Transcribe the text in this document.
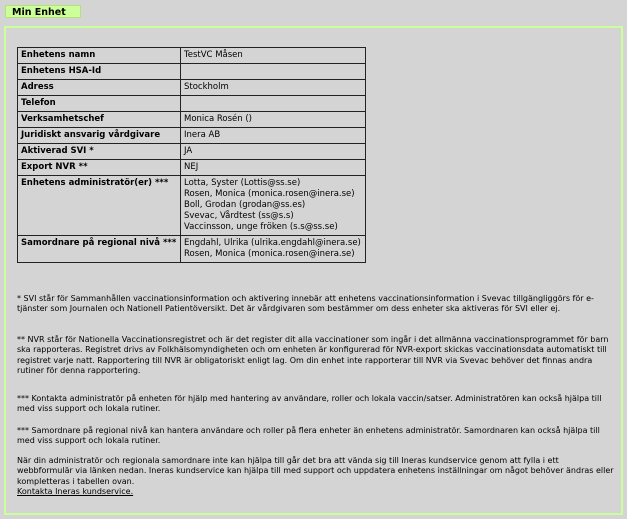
Min Enhet
Enhetens namn	TestVC Måsen
Enhetens HSA-Id	
Adress	Stockholm
Telefon	
Verksamhetschef	Monica Rosén ()
Juridiskt ansvarig vårdgivare	Inera AB
Aktiverad SVI *	JA
Export NVR **	NEJ
Enhetens administratör(er) ***	Lotta, Syster (Lottis@ss.se)
Rosen, Monica (monica.rosen@inera.se)
Boll, Grodan (grodan@ss.es)
Svevac, Vårdtest (ss@s.s)
Vaccinsson, unge fröken (s.s@ss.se)

Samordnare på regional nivå ***	Engdahl, Ulrika (ulrika.engdahl@inera.se)
Rosen, Monica (monica.rosen@inera.se)
* SVI står för Sammanhållen vaccinationsinformation och aktivering innebär att enhetens vaccinationsinformation i Svevac tillgängliggörs för e-tjänster som Journalen och Nationell Patientöversikt. Det är vårdgivaren som bestämmer om dess enheter ska aktiveras för SVI eller ej.
** NVR står för Nationella Vaccinationsregistret och är det register dit alla vaccinationer som ingår i det allmänna vaccinationsprogrammet för barn ska rapporteras. Registret drivs av Folkhälsomyndigheten och om enheten är konfigurerad för NVR-export skickas vaccinationsdata automatiskt till registret varje natt. Rapportering till NVR är obligatoriskt enligt lag. Om din enhet inte rapporterar till NVR via Svevac behöver det finnas andra rutiner för denna rapportering.
*** Kontakta administratör på enheten för hjälp med hantering av användare, roller och lokala vaccin/satser. Administratören kan också hjälpa till med viss support och lokala rutiner.
*** Samordnare på regional nivå kan hantera användare och roller på flera enheter än enhetens administratör. Samordnaren kan också hjälpa till med viss support och lokala rutiner.
När din administratör och regionala samordnare inte kan hjälpa till går det bra att vända sig till Ineras kundservice genom att fylla i ett webbformulär via länken nedan. Ineras kundservice kan hjälpa till med support och uppdatera enhetens inställningar om något behöver ändras eller kompletteras i tabellen ovan.
Kontakta Ineras kundservice.
